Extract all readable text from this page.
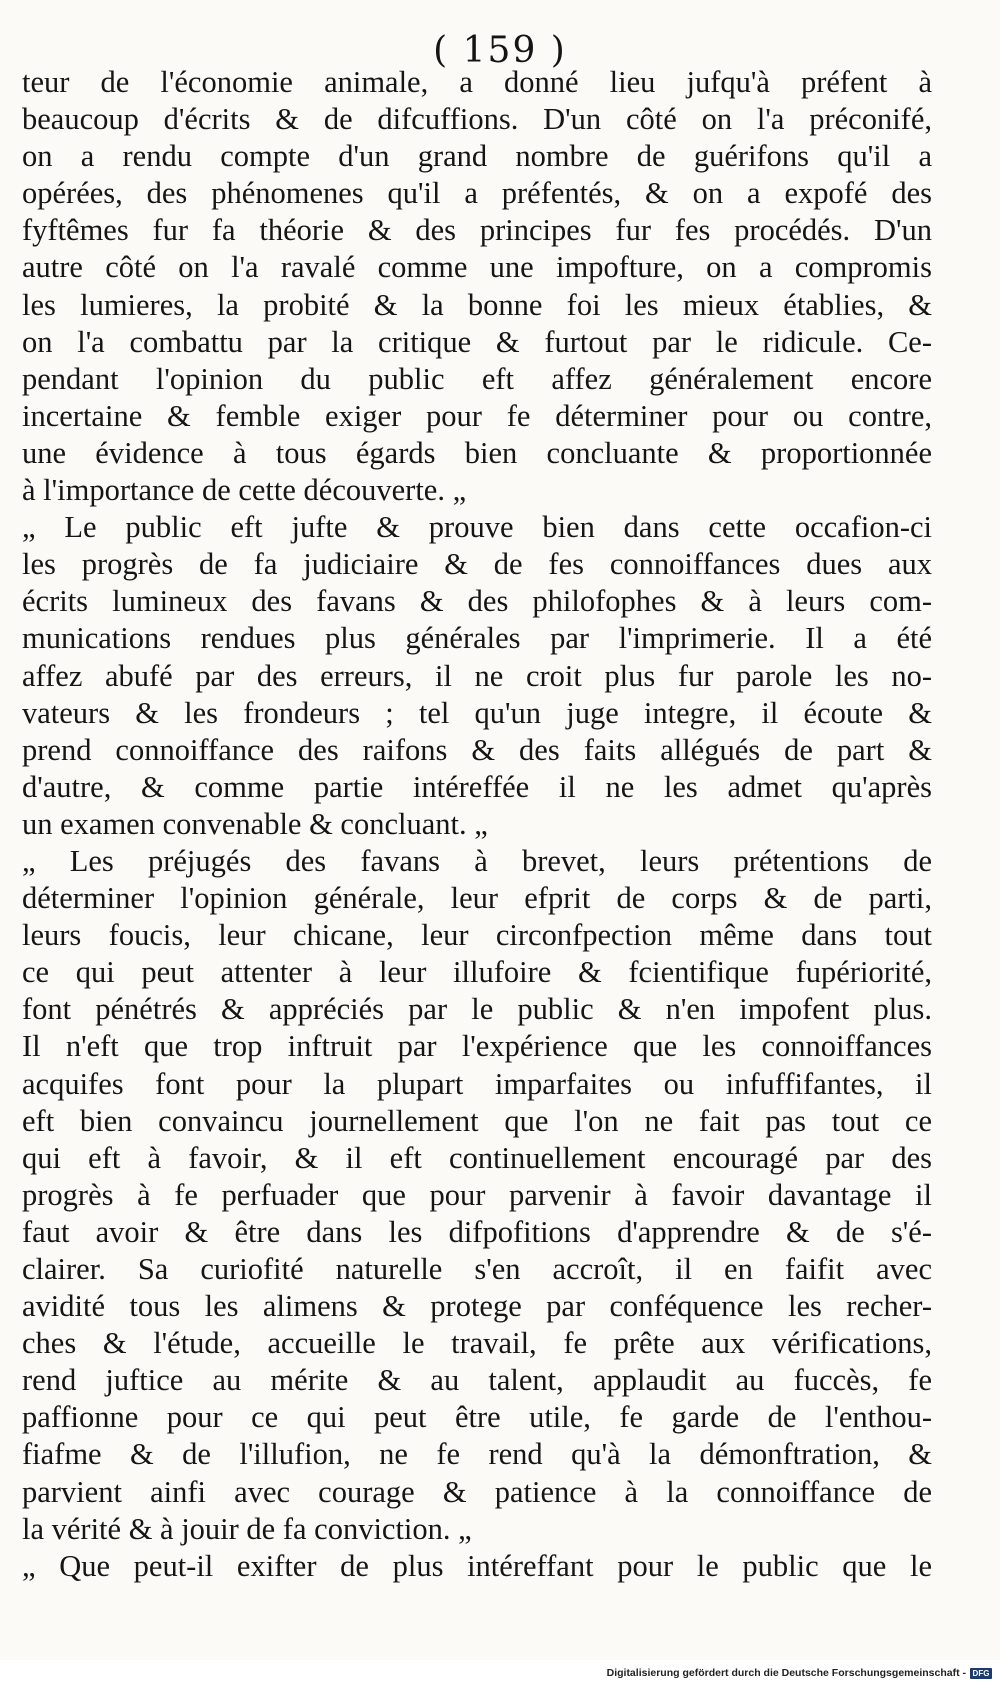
( 159 )
teur de l'économie animale, a donné lieu jufqu'à préfent à
beaucoup d'écrits & de difcuffions. D'un côté on l'a préconifé,
on a rendu compte d'un grand nombre de guérifons qu'il a
opérées, des phénomenes qu'il a préfentés, & on a expofé des
fyftêmes fur fa théorie & des principes fur fes procédés. D'un
autre côté on l'a ravalé comme une impofture, on a compromis
les lumieres, la probité & la bonne foi les mieux établies, &
on l'a combattu par la critique & furtout par le ridicule. Ce-
pendant l'opinion du public eft affez généralement encore
incertaine & femble exiger pour fe déterminer pour ou contre,
une évidence à tous égards bien concluante & proportionnée
à l'importance de cette découverte. „
„ Le public eft jufte & prouve bien dans cette occafion-ci
les progrès de fa judiciaire & de fes connoiffances dues aux
écrits lumineux des favans & des philofophes & à leurs com-
munications rendues plus générales par l'imprimerie. Il a été
affez abufé par des erreurs, il ne croit plus fur parole les no-
vateurs & les frondeurs ; tel qu'un juge integre, il écoute &
prend connoiffance des raifons & des faits allégués de part &
d'autre, & comme partie intéreffée il ne les admet qu'après
un examen convenable & concluant. „
„ Les préjugés des favans à brevet, leurs prétentions de
déterminer l'opinion générale, leur efprit de corps & de parti,
leurs foucis, leur chicane, leur circonfpection même dans tout
ce qui peut attenter à leur illufoire & fcientifique fupériorité,
font pénétrés & appréciés par le public & n'en impofent plus.
Il n'eft que trop inftruit par l'expérience que les connoiffances
acquifes font pour la plupart imparfaites ou infuffifantes, il
eft bien convaincu journellement que l'on ne fait pas tout ce
qui eft à favoir, & il eft continuellement encouragé par des
progrès à fe perfuader que pour parvenir à favoir davantage il
faut avoir & être dans les difpofitions d'apprendre & de s'é-
clairer. Sa curiofité naturelle s'en accroît, il en faifit avec
avidité tous les alimens & protege par conféquence les recher-
ches & l'étude, accueille le travail, fe prête aux vérifications,
rend juftice au mérite & au talent, applaudit au fuccès, fe
paffionne pour ce qui peut être utile, fe garde de l'enthou-
fiafme & de l'illufion, ne fe rend qu'à la démonftration, &
parvient ainfi avec courage & patience à la connoiffance de
la vérité & à jouir de fa conviction. „
„ Que peut-il exifter de plus intéreffant pour le public que le
Digitalisierung gefördert durch die Deutsche Forschungsgemeinschaft - DFG
